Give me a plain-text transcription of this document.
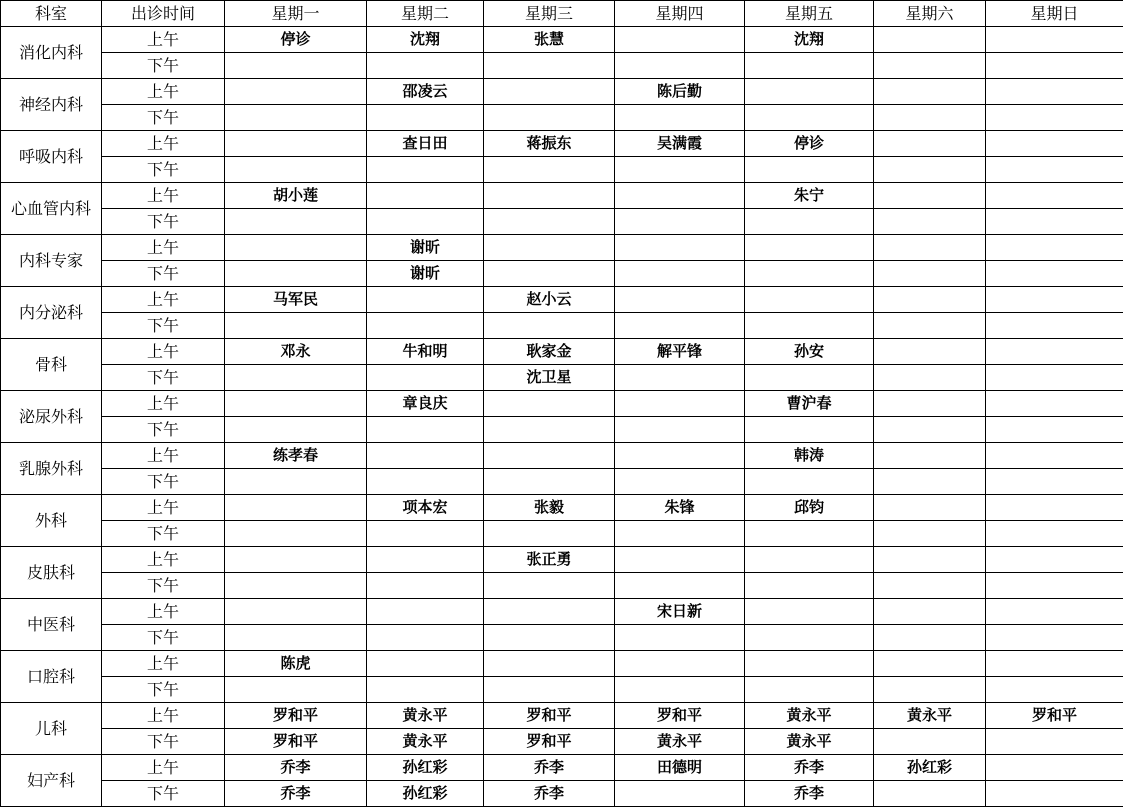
科室	出诊时间	星期一	星期二	星期三	星期四	星期五	星期六	星期日
消化内科	上午	停诊	沈翔	张慧		沈翔		
	下午							
神经内科	上午		邵凌云		陈后勤			
	下午							
呼吸内科	上午		查日田	蒋振东	吴满霞	停诊		
	下午							
心血管内科	上午	胡小莲				朱宁		
	下午							
内科专家	上午		谢昕					
	下午		谢昕					
内分泌科	上午	马军民		赵小云				
	下午							
骨科	上午	邓永	牛和明	耿家金	解平锋	孙安		
	下午			沈卫星				
泌尿外科	上午		章良庆			曹沪春		
	下午							
乳腺外科	上午	练孝春				韩涛		
	下午							
外科	上午		项本宏	张毅	朱锋	邱钧		
	下午							
皮肤科	上午			张正勇				
	下午							
中医科	上午				宋日新			
	下午							
口腔科	上午	陈虎						
	下午							
儿科	上午	罗和平	黄永平	罗和平	罗和平	黄永平	黄永平	罗和平
	下午	罗和平	黄永平	罗和平	黄永平	黄永平		
妇产科	上午	乔李	孙红彩	乔李	田德明	乔李	孙红彩	
	下午	乔李	孙红彩	乔李		乔李		
